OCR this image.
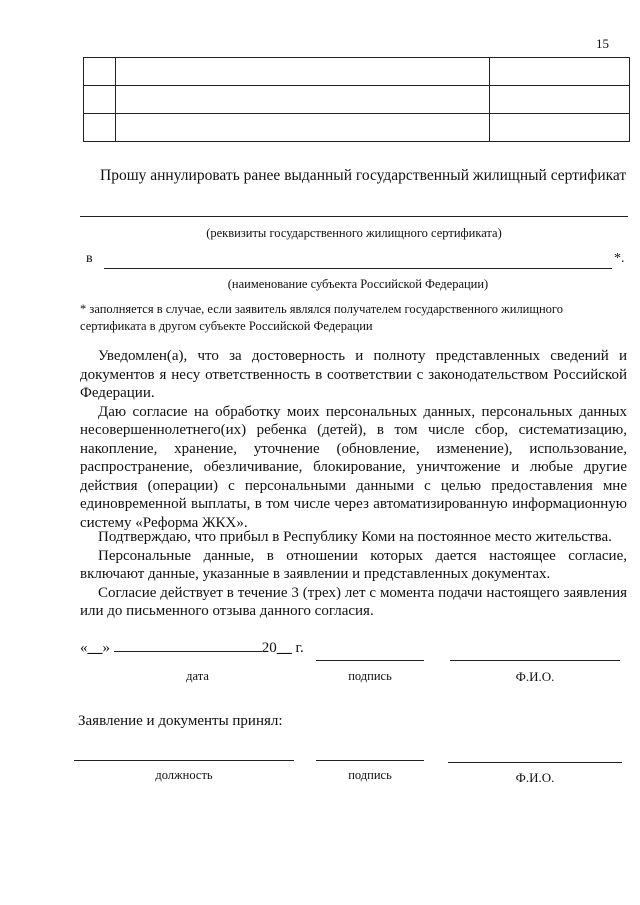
15

Прошу аннулировать ранее выданный государственный жилищный сертификат
(реквизиты государственного жилищного сертификата)
в	*.
(наименование субъекта Российской Федерации)
* заполняется в случае, если заявитель являлся получателем государственного жилищного сертификата в другом субъекте Российской Федерации

Уведомлен(а), что за достоверность и полноту представленных сведений и документов я несу ответственность в соответствии с законодательством Российской Федерации.

Даю согласие на обработку моих персональных данных, персональных данных несовершеннолетнего(их) ребенка (детей), в том числе сбор, систематизацию, накопление, хранение, уточнение (обновление, изменение), использование, распространение, обезличивание, блокирование, уничтожение и любые другие действия (операции) с персональными данными с целью предоставления мне единовременной выплаты, в том числе через автоматизированную информационную систему «Реформа ЖКХ».

Подтверждаю, что прибыл в Республику Коми на постоянное место жительства.

Персональные данные, в отношении которых дается настоящее согласие, включают данные, указанные в заявлении и представленных документах.

Согласие действует в течение 3 (трех) лет с момента подачи настоящего заявления или до письменного отзыва данного согласия.

«__»	20__ г.
дата	подпись	Ф.И.О.
Заявление и документы принял:
должность	подпись	Ф.И.О.
